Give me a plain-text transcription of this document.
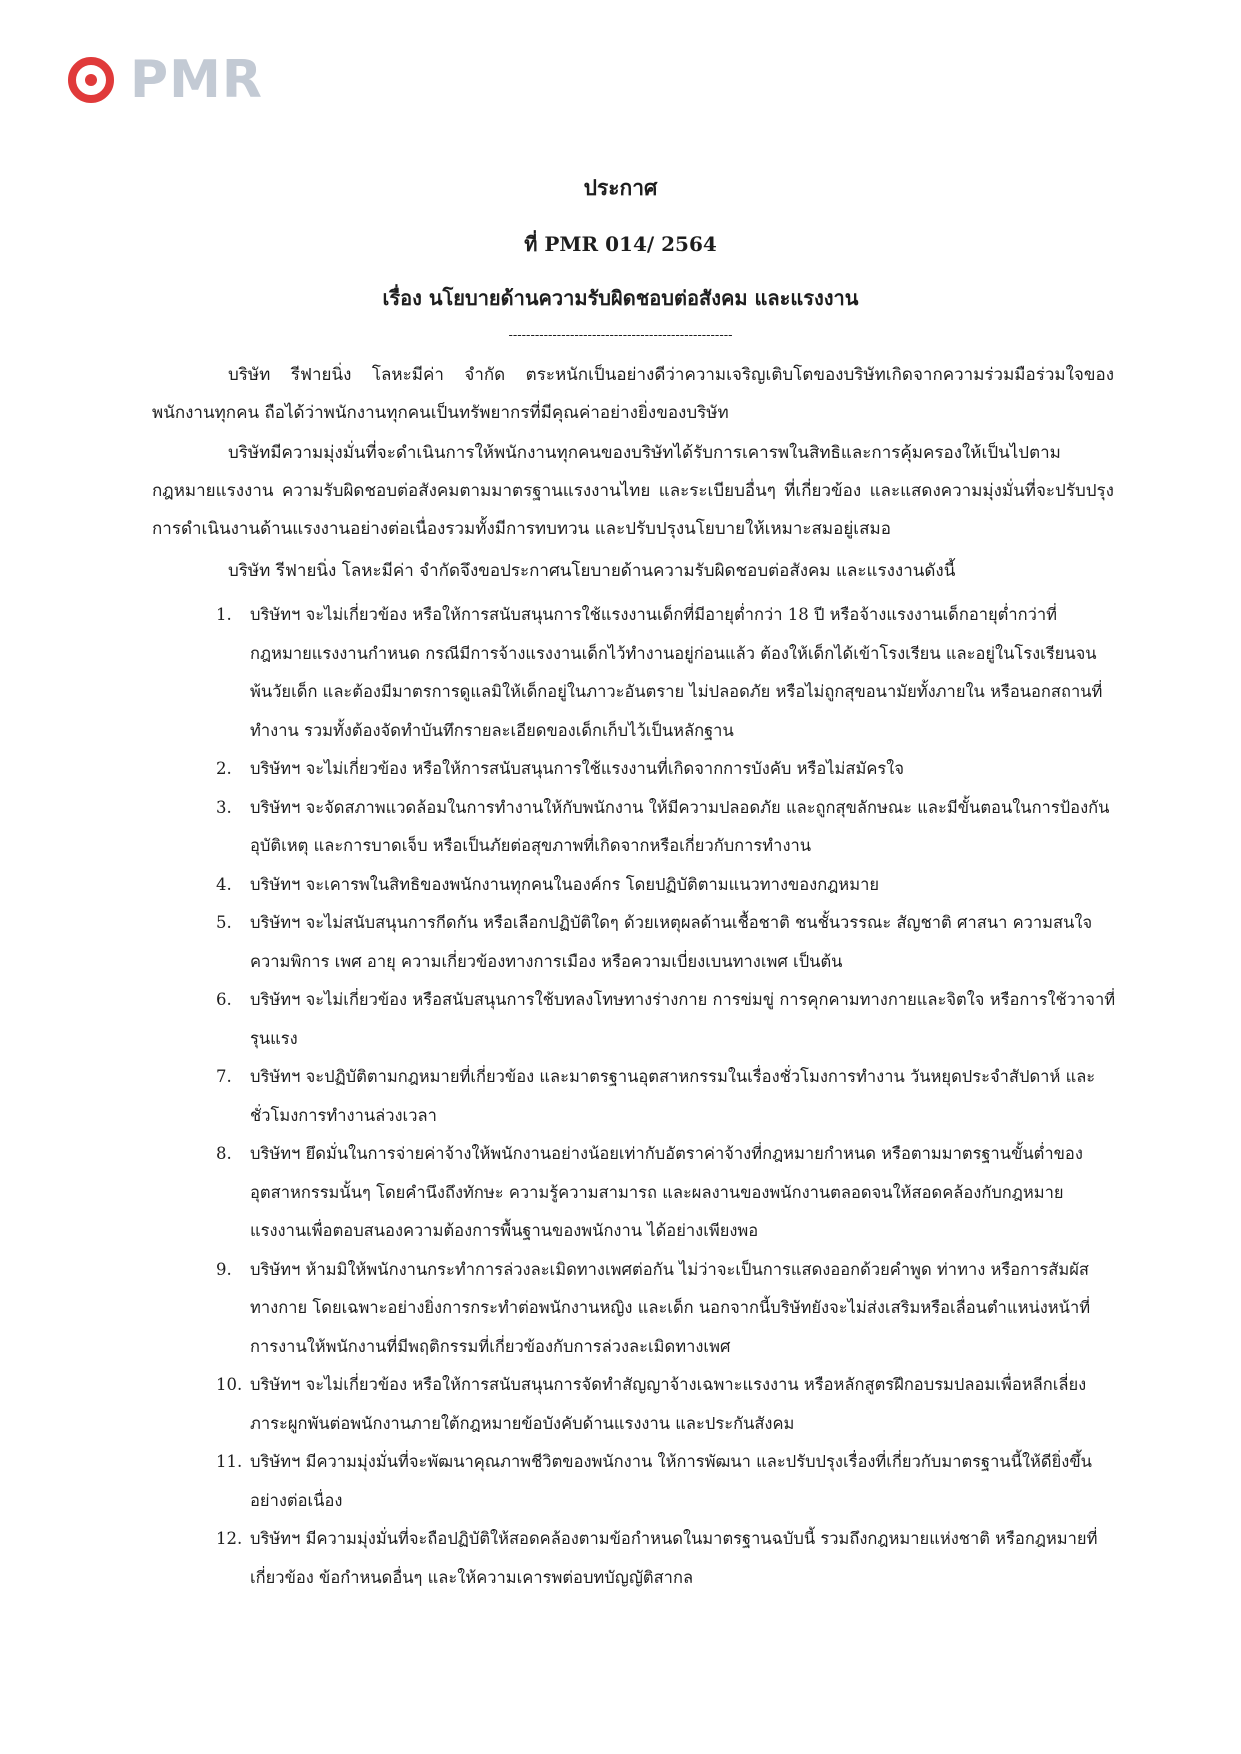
PMR
ประกาศ
ที่ PMR 014/ 2564
เรื่อง นโยบายด้านความรับผิดชอบต่อสังคม และแรงงาน
---------------------------------------------------

บริษัท รีฟายนิ่ง โลหะมีค่า จำกัด ตระหนักเป็นอย่างดีว่าความเจริญเติบโตของบริษัทเกิดจากความร่วมมือร่วมใจของพนักงานทุกคน ถือได้ว่าพนักงานทุกคนเป็นทรัพยากรที่มีคุณค่าอย่างยิ่งของบริษัท

บริษัทมีความมุ่งมั่นที่จะดำเนินการให้พนักงานทุกคนของบริษัทได้รับการเคารพในสิทธิและการคุ้มครองให้เป็นไปตามกฎหมายแรงงาน ความรับผิดชอบต่อสังคมตามมาตรฐานแรงงานไทย และระเบียบอื่นๆ ที่เกี่ยวข้อง และแสดงความมุ่งมั่นที่จะปรับปรุงการดำเนินงานด้านแรงงานอย่างต่อเนื่องรวมทั้งมีการทบทวน และปรับปรุงนโยบายให้เหมาะสมอยู่เสมอ

บริษัท รีฟายนิ่ง โลหะมีค่า จำกัดจึงขอประกาศนโยบายด้านความรับผิดชอบต่อสังคม และแรงงานดังนี้

1. บริษัทฯ จะไม่เกี่ยวข้อง หรือให้การสนับสนุนการใช้แรงงานเด็กที่มีอายุต่ำกว่า 18 ปี หรือจ้างแรงงานเด็กอายุต่ำกว่าที่กฎหมายแรงงานกำหนด กรณีมีการจ้างแรงงานเด็กไว้ทำงานอยู่ก่อนแล้ว ต้องให้เด็กได้เข้าโรงเรียน และอยู่ในโรงเรียนจนพ้นวัยเด็ก และต้องมีมาตรการดูแลมิให้เด็กอยู่ในภาวะอันตราย ไม่ปลอดภัย หรือไม่ถูกสุขอนามัยทั้งภายใน หรือนอกสถานที่ทำงาน รวมทั้งต้องจัดทำบันทึกรายละเอียดของเด็กเก็บไว้เป็นหลักฐาน
2. บริษัทฯ จะไม่เกี่ยวข้อง หรือให้การสนับสนุนการใช้แรงงานที่เกิดจากการบังคับ หรือไม่สมัครใจ
3. บริษัทฯ จะจัดสภาพแวดล้อมในการทำงานให้กับพนักงาน ให้มีความปลอดภัย และถูกสุขลักษณะ และมีขั้นตอนในการป้องกันอุบัติเหตุ และการบาดเจ็บ หรือเป็นภัยต่อสุขภาพที่เกิดจากหรือเกี่ยวกับการทำงาน
4. บริษัทฯ จะเคารพในสิทธิของพนักงานทุกคนในองค์กร โดยปฏิบัติตามแนวทางของกฎหมาย
5. บริษัทฯ จะไม่สนับสนุนการกีดกัน หรือเลือกปฏิบัติใดๆ ด้วยเหตุผลด้านเชื้อชาติ ชนชั้นวรรณะ สัญชาติ ศาสนา ความสนใจ ความพิการ เพศ อายุ ความเกี่ยวข้องทางการเมือง หรือความเบี่ยงเบนทางเพศ เป็นต้น
6. บริษัทฯ จะไม่เกี่ยวข้อง หรือสนับสนุนการใช้บทลงโทษทางร่างกาย การข่มขู่ การคุกคามทางกายและจิตใจ หรือการใช้วาจาที่รุนแรง
7. บริษัทฯ จะปฏิบัติตามกฎหมายที่เกี่ยวข้อง และมาตรฐานอุตสาหกรรมในเรื่องชั่วโมงการทำงาน วันหยุดประจำสัปดาห์ และชั่วโมงการทำงานล่วงเวลา
8. บริษัทฯ ยึดมั่นในการจ่ายค่าจ้างให้พนักงานอย่างน้อยเท่ากับอัตราค่าจ้างที่กฎหมายกำหนด หรือตามมาตรฐานขั้นต่ำของอุตสาหกรรมนั้นๆ โดยคำนึงถึงทักษะ ความรู้ความสามารถ และผลงานของพนักงานตลอดจนให้สอดคล้องกับกฎหมายแรงงานเพื่อตอบสนองความต้องการพื้นฐานของพนักงาน ได้อย่างเพียงพอ
9. บริษัทฯ ห้ามมิให้พนักงานกระทำการล่วงละเมิดทางเพศต่อกัน ไม่ว่าจะเป็นการแสดงออกด้วยคำพูด ท่าทาง หรือการสัมผัสทางกาย โดยเฉพาะอย่างยิ่งการกระทำต่อพนักงานหญิง และเด็ก นอกจากนี้บริษัทยังจะไม่ส่งเสริมหรือเลื่อนตำแหน่งหน้าที่การงานให้พนักงานที่มีพฤติกรรมที่เกี่ยวข้องกับการล่วงละเมิดทางเพศ
10. บริษัทฯ จะไม่เกี่ยวข้อง หรือให้การสนับสนุนการจัดทำสัญญาจ้างเฉพาะแรงงาน หรือหลักสูตรฝึกอบรมปลอมเพื่อหลีกเลี่ยงภาระผูกพันต่อพนักงานภายใต้กฎหมายข้อบังคับด้านแรงงาน และประกันสังคม
11. บริษัทฯ มีความมุ่งมั่นที่จะพัฒนาคุณภาพชีวิตของพนักงาน ให้การพัฒนา และปรับปรุงเรื่องที่เกี่ยวกับมาตรฐานนี้ให้ดียิ่งขึ้นอย่างต่อเนื่อง
12. บริษัทฯ มีความมุ่งมั่นที่จะถือปฏิบัติให้สอดคล้องตามข้อกำหนดในมาตรฐานฉบับนี้ รวมถึงกฎหมายแห่งชาติ หรือกฎหมายที่เกี่ยวข้อง ข้อกำหนดอื่นๆ และให้ความเคารพต่อบทบัญญัติสากล
